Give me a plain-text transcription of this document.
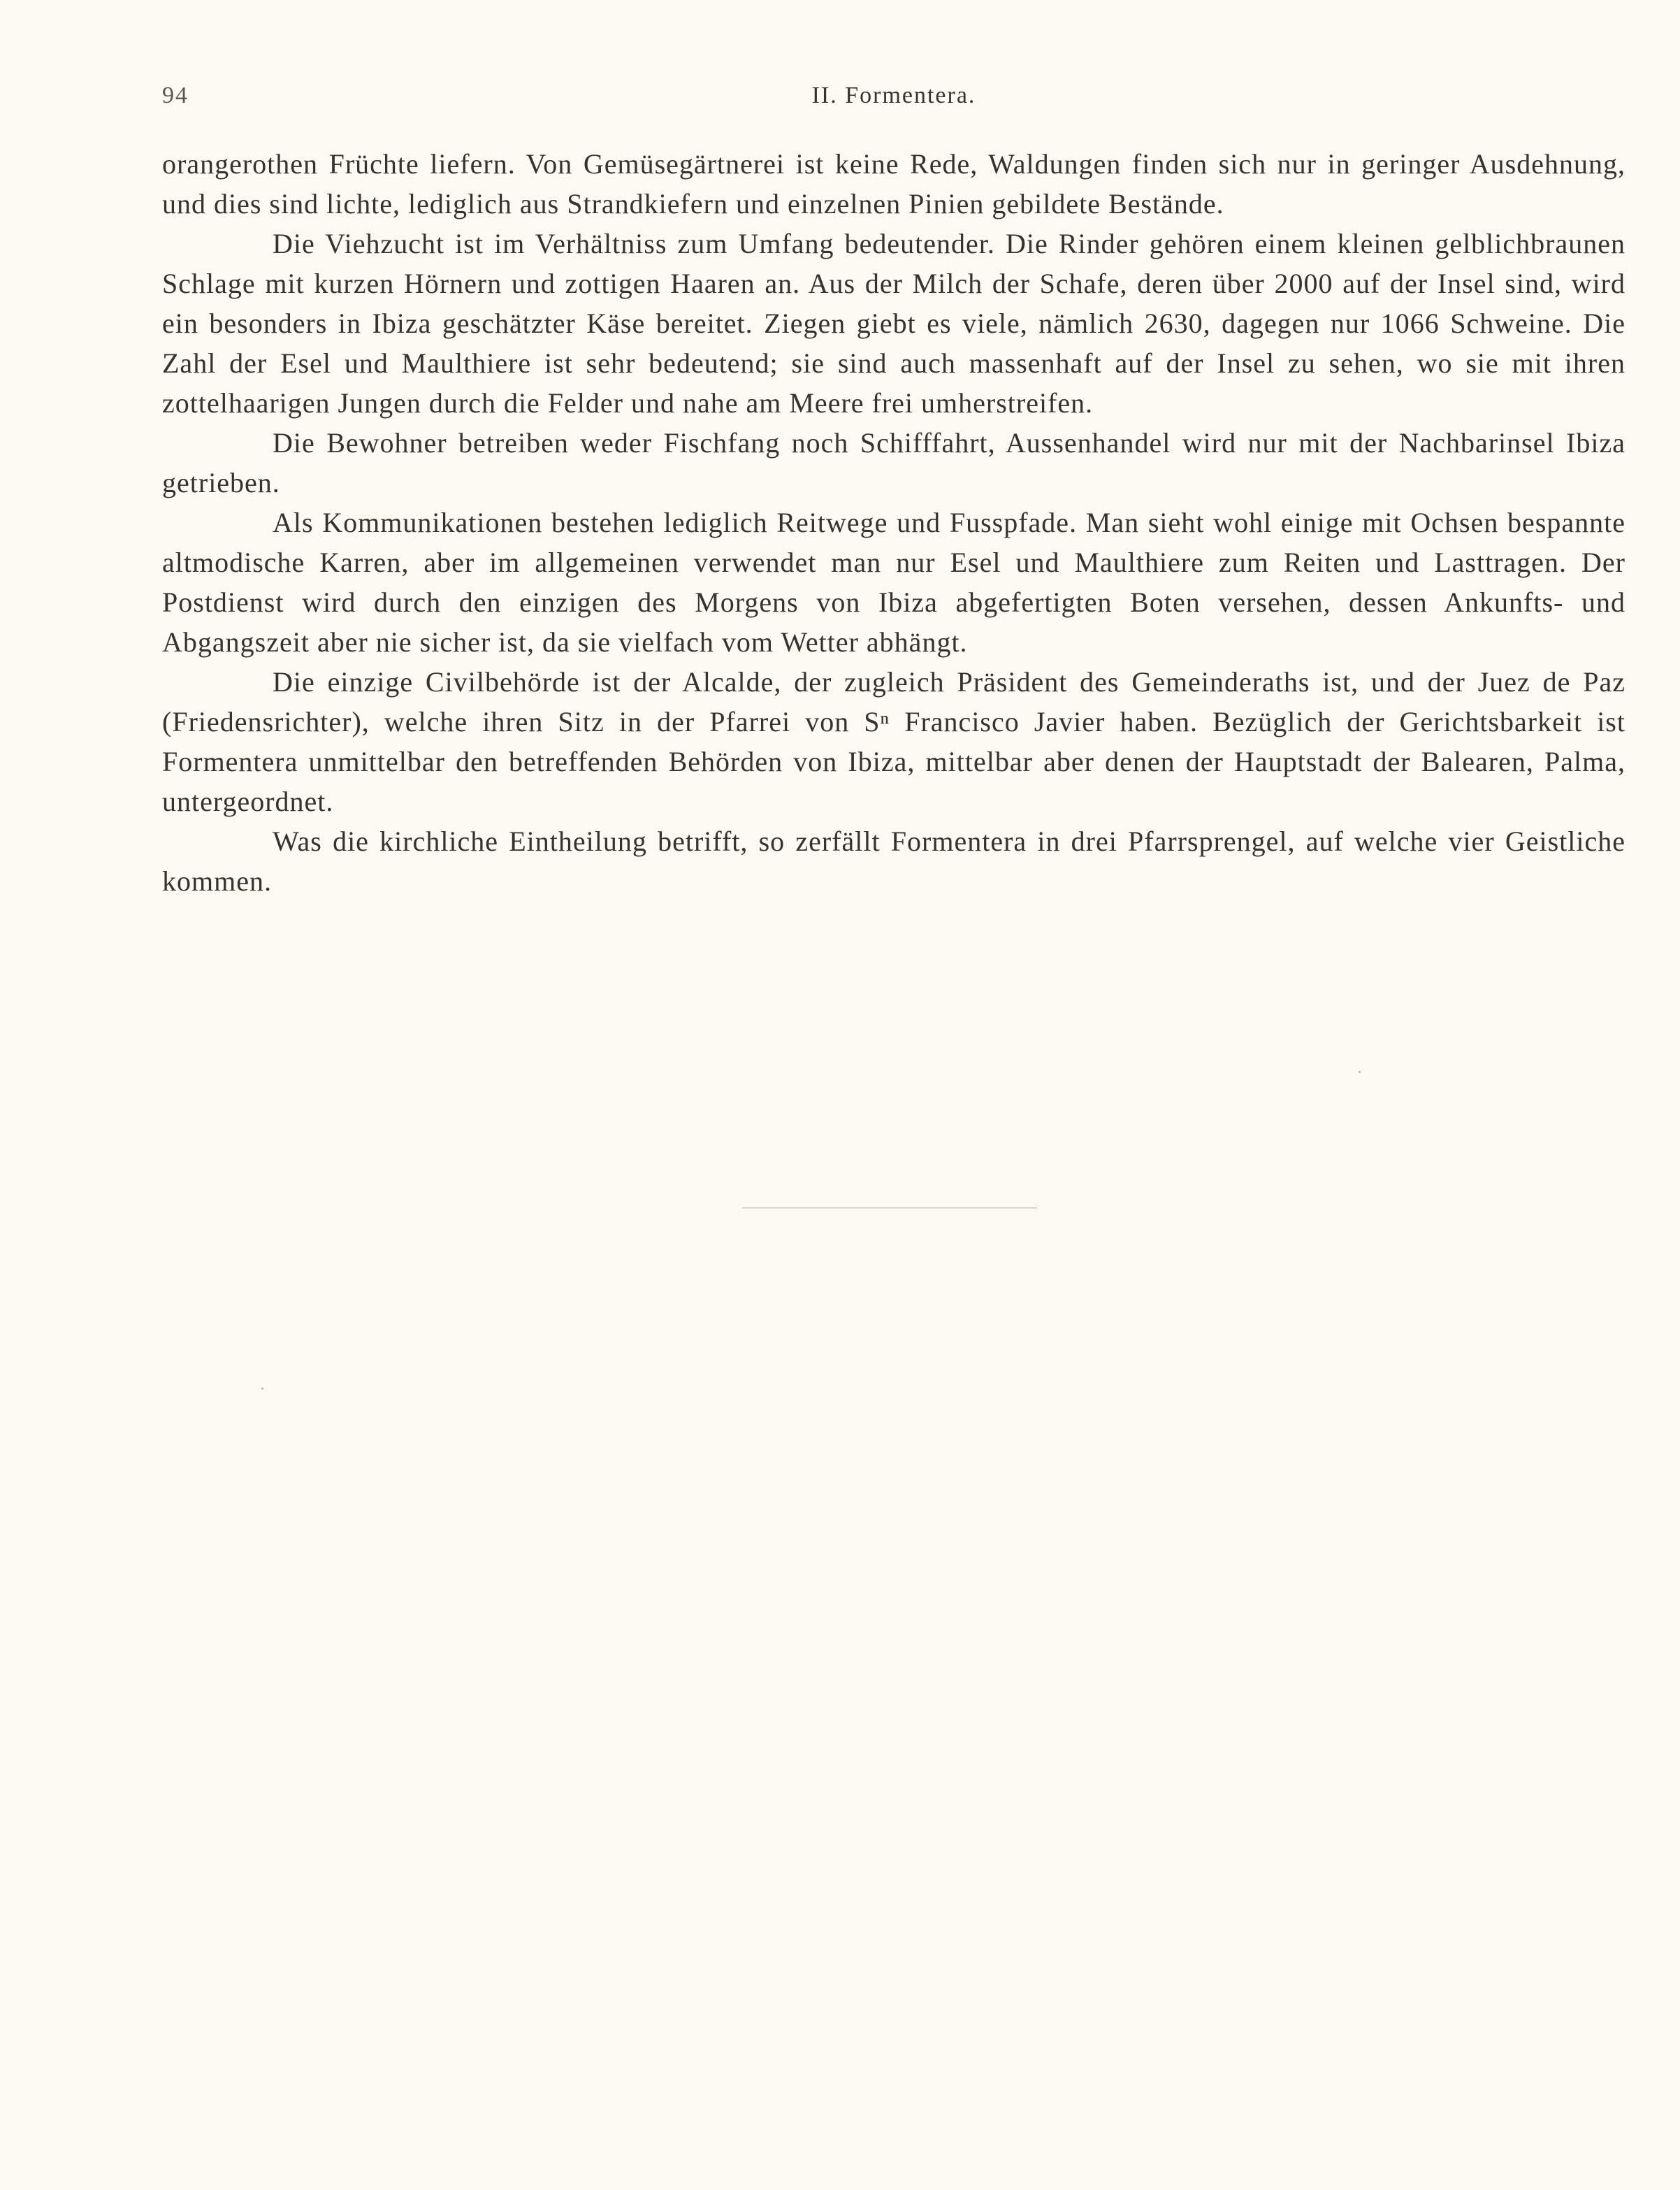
94	II. Formentera.

orangerothen Früchte liefern. Von Gemüsegärtnerei ist keine Rede, Waldungen finden sich nur in geringer Ausdehnung, und dies sind lichte, lediglich aus Strandkiefern und einzelnen Pinien gebildete Bestände.

Die Viehzucht ist im Verhältniss zum Umfang bedeutender. Die Rinder gehören einem kleinen gelblichbraunen Schlage mit kurzen Hörnern und zottigen Haaren an. Aus der Milch der Schafe, deren über 2000 auf der Insel sind, wird ein besonders in Ibiza geschätzter Käse bereitet. Ziegen giebt es viele, nämlich 2630, dagegen nur 1066 Schweine. Die Zahl der Esel und Maulthiere ist sehr bedeutend; sie sind auch massenhaft auf der Insel zu sehen, wo sie mit ihren zottelhaarigen Jungen durch die Felder und nahe am Meere frei umherstreifen.

Die Bewohner betreiben weder Fischfang noch Schifffahrt, Aussenhandel wird nur mit der Nachbarinsel Ibiza getrieben.

Als Kommunikationen bestehen lediglich Reitwege und Fusspfade. Man sieht wohl einige mit Ochsen bespannte altmodische Karren, aber im allgemeinen verwendet man nur Esel und Maulthiere zum Reiten und Lasttragen. Der Postdienst wird durch den einzigen des Morgens von Ibiza abgefertigten Boten versehen, dessen Ankunfts- und Abgangszeit aber nie sicher ist, da sie vielfach vom Wetter abhängt.

Die einzige Civilbehörde ist der Alcalde, der zugleich Präsident des Gemeinderaths ist, und der Juez de Paz (Friedensrichter), welche ihren Sitz in der Pfarrei von Sⁿ Francisco Javier haben. Bezüglich der Gerichtsbarkeit ist Formentera unmittelbar den betreffenden Behörden von Ibiza, mittelbar aber denen der Hauptstadt der Balearen, Palma, untergeordnet.

Was die kirchliche Eintheilung betrifft, so zerfällt Formentera in drei Pfarrsprengel, auf welche vier Geistliche kommen.
